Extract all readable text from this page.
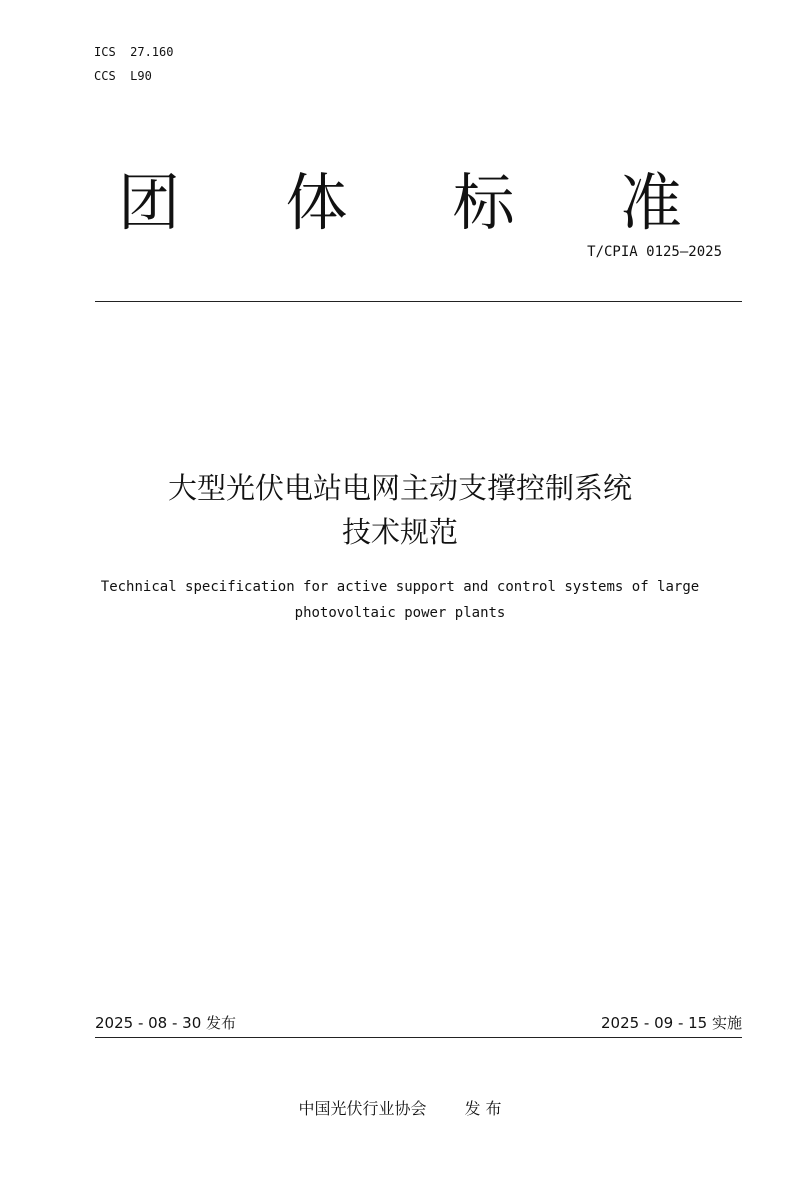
ICS  27.160
CCS  L90
团 体 标 准
T/CPIA 0125—2025
大型光伏电站电网主动支撑控制系统
技术规范
Technical specification for active support and control systems of large
photovoltaic power plants
2025 - 08 - 30 发布	2025 - 09 - 15 实施
中国光伏行业协会 发 布
